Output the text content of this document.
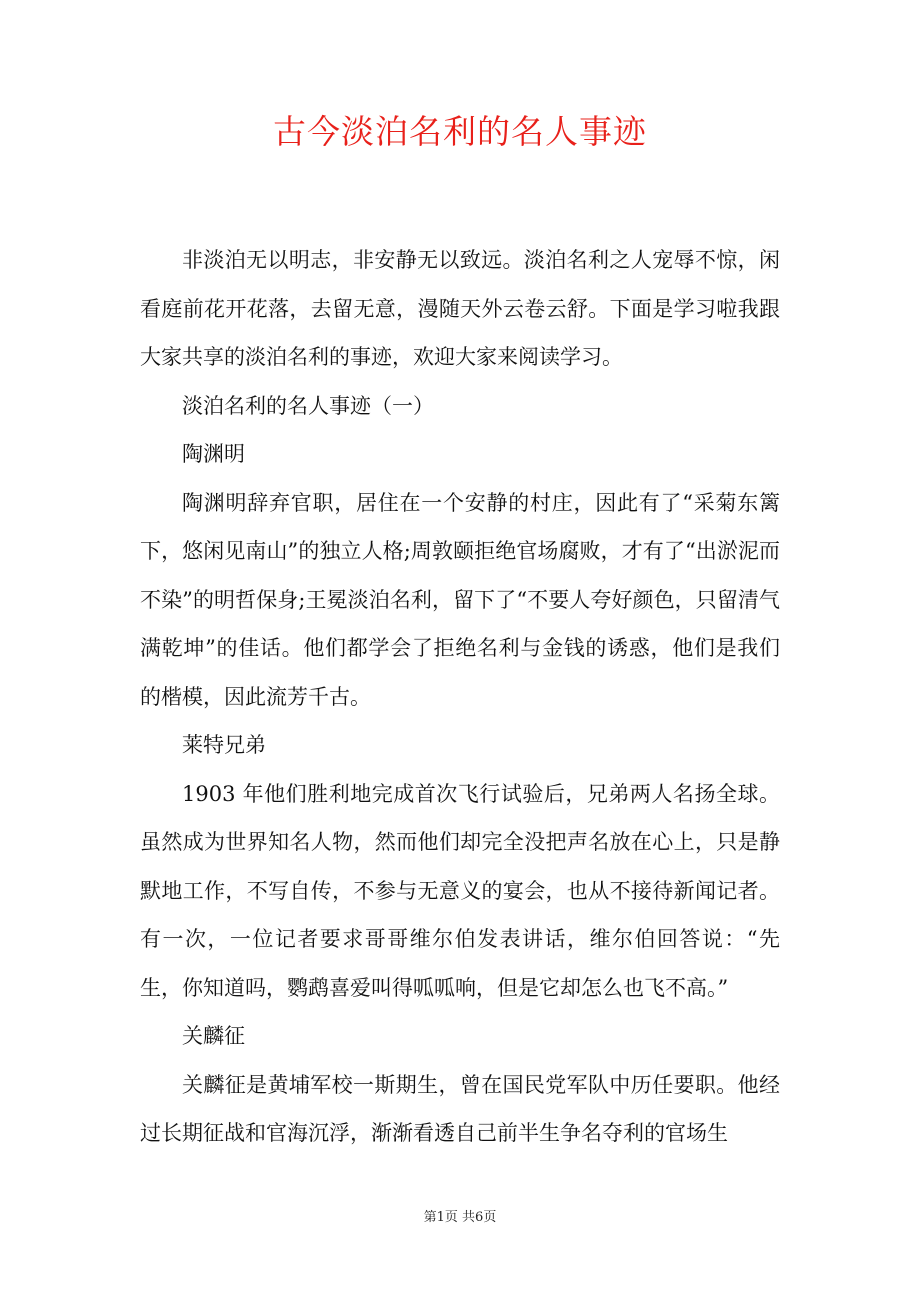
古今淡泊名利的名人事迹

非淡泊无以明志，非安静无以致远。淡泊名利之人宠辱不惊，闲看庭前花开花落，去留无意，漫随天外云卷云舒。下面是学习啦我跟大家共享的淡泊名利的事迹，欢迎大家来阅读学习。

淡泊名利的名人事迹（一）

陶渊明

陶渊明辞弃官职，居住在一个安静的村庄，因此有了“采菊东篱下，悠闲见南山”的独立人格;周敦颐拒绝官场腐败，才有了“出淤泥而不染”的明哲保身;王冕淡泊名利，留下了“不要人夸好颜色，只留清气满乾坤”的佳话。他们都学会了拒绝名利与金钱的诱惑，他们是我们的楷模，因此流芳千古。

莱特兄弟

1903 年他们胜利地完成首次飞行试验后，兄弟两人名扬全球。 虽然成为世界知名人物，然而他们却完全没把声名放在心上，只是静默地工作，不写自传，不参与无意义的宴会，也从不接待新闻记者。 有一次，一位记者要求哥哥维尔伯发表讲话，维尔伯回答说：“先生，你知道吗，鹦鹉喜爱叫得呱呱响，但是它却怎么也飞不高。”

关麟征

关麟征是黄埔军校一斯期生，曾在国民党军队中历任要职。他经过长期征战和官海沉浮，渐渐看透自己前半生争名夺利的官场生

第1页 共6页
